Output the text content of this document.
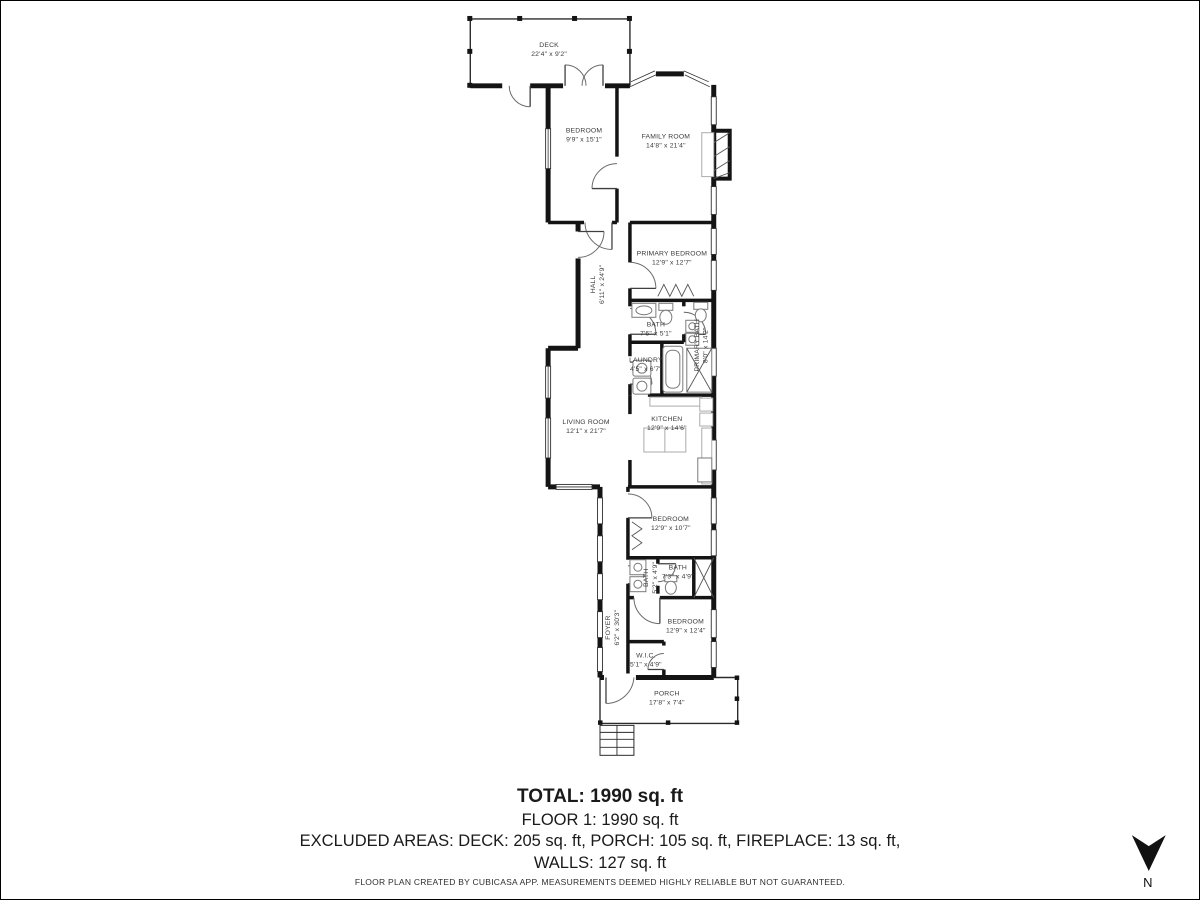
DECK
22'4" x 9'2"
BEDROOM
9'9" x 15'1"	FAMILY ROOM
14'8" x 21'4"
HALL 6'11" x 24'9"
PRIMARY BEDROOM
12'9" x 12'7"
BATH
7'6" x 5'1"	PRIMARY BATH 8'0" x 14'2"
LAUNDRY
4'5" x 6'7"
LIVING ROOM
12'1" x 21'7"
KITCHEN
12'9" x 14'6"
BEDROOM
12'9" x 10'7"
BATH 5'2" x 4'9" BATH
7'3" x 4'9"
BEDROOM
12'9" x 12'4"
W.I.C.
5'1" x 4'9"
FOYER 6'2" x 30'3"
PORCH
17'8" x 7'4"
N
TOTAL: 1990 sq. ft
FLOOR 1: 1990 sq. ft
EXCLUDED AREAS: DECK: 205 sq. ft, PORCH: 105 sq. ft, FIREPLACE: 13 sq. ft,
WALLS: 127 sq. ft
FLOOR PLAN CREATED BY CUBICASA APP. MEASUREMENTS DEEMED HIGHLY RELIABLE BUT NOT GUARANTEED.
